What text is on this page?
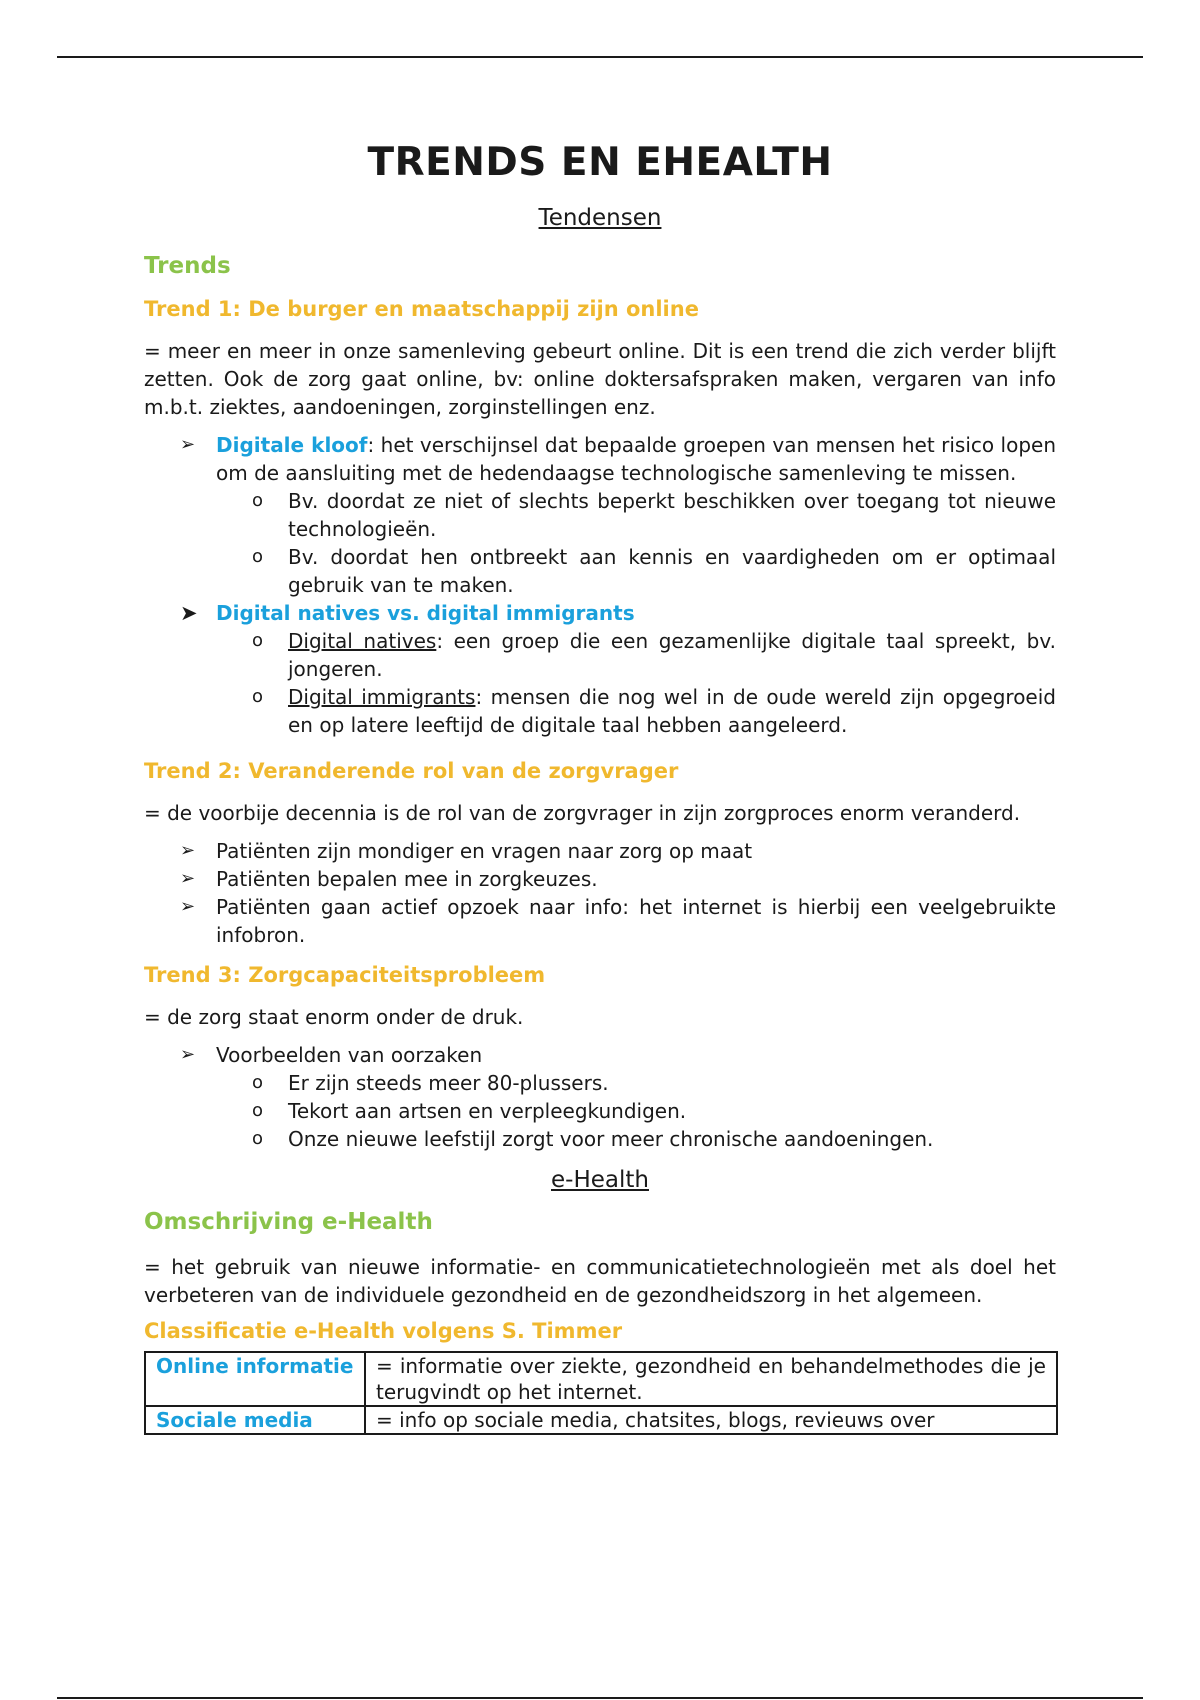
TRENDS EN EHEALTH
Tendensen
Trends
Trend 1: De burger en maatschappij zijn online

= meer en meer in onze samenleving gebeurt online. Dit is een trend die zich verder blijft zetten. Ook de zorg gaat online, bv: online doktersafspraken maken, vergaren van info m.b.t. ziektes, aandoeningen, zorginstellingen enz.

➢ Digitale kloof: het verschijnsel dat bepaalde groepen van mensen het risico lopen om de aansluiting met de hedendaagse technologische samenleving te missen.
o Bv. doordat ze niet of slechts beperkt beschikken over toegang tot nieuwe technologieën.
o Bv. doordat hen ontbreekt aan kennis en vaardigheden om er optimaal gebruik van te maken.
➤ Digital natives vs. digital immigrants
o Digital natives: een groep die een gezamenlijke digitale taal spreekt, bv. jongeren.
o Digital immigrants: mensen die nog wel in de oude wereld zijn opgegroeid en op latere leeftijd de digitale taal hebben aangeleerd.
Trend 2: Veranderende rol van de zorgvrager

= de voorbije decennia is de rol van de zorgvrager in zijn zorgproces enorm veranderd.

➢ Patiënten zijn mondiger en vragen naar zorg op maat
➢ Patiënten bepalen mee in zorgkeuzes.
➢ Patiënten gaan actief opzoek naar info: het internet is hierbij een veelgebruikte infobron.
Trend 3: Zorgcapaciteitsprobleem

= de zorg staat enorm onder de druk.

➢ Voorbeelden van oorzaken
o Er zijn steeds meer 80-plussers.
o Tekort aan artsen en verpleegkundigen.
o Onze nieuwe leefstijl zorgt voor meer chronische aandoeningen.
e-Health
Omschrijving e-Health

= het gebruik van nieuwe informatie- en communicatietechnologieën met als doel het verbeteren van de individuele gezondheid en de gezondheidszorg in het algemeen.

Classificatie e-Health volgens S. Timmer
Online informatie	= informatie over ziekte, gezondheid en behandelmethodes die je terugvindt op het internet.
Sociale media	= info op sociale media, chatsites, blogs, revieuws over
